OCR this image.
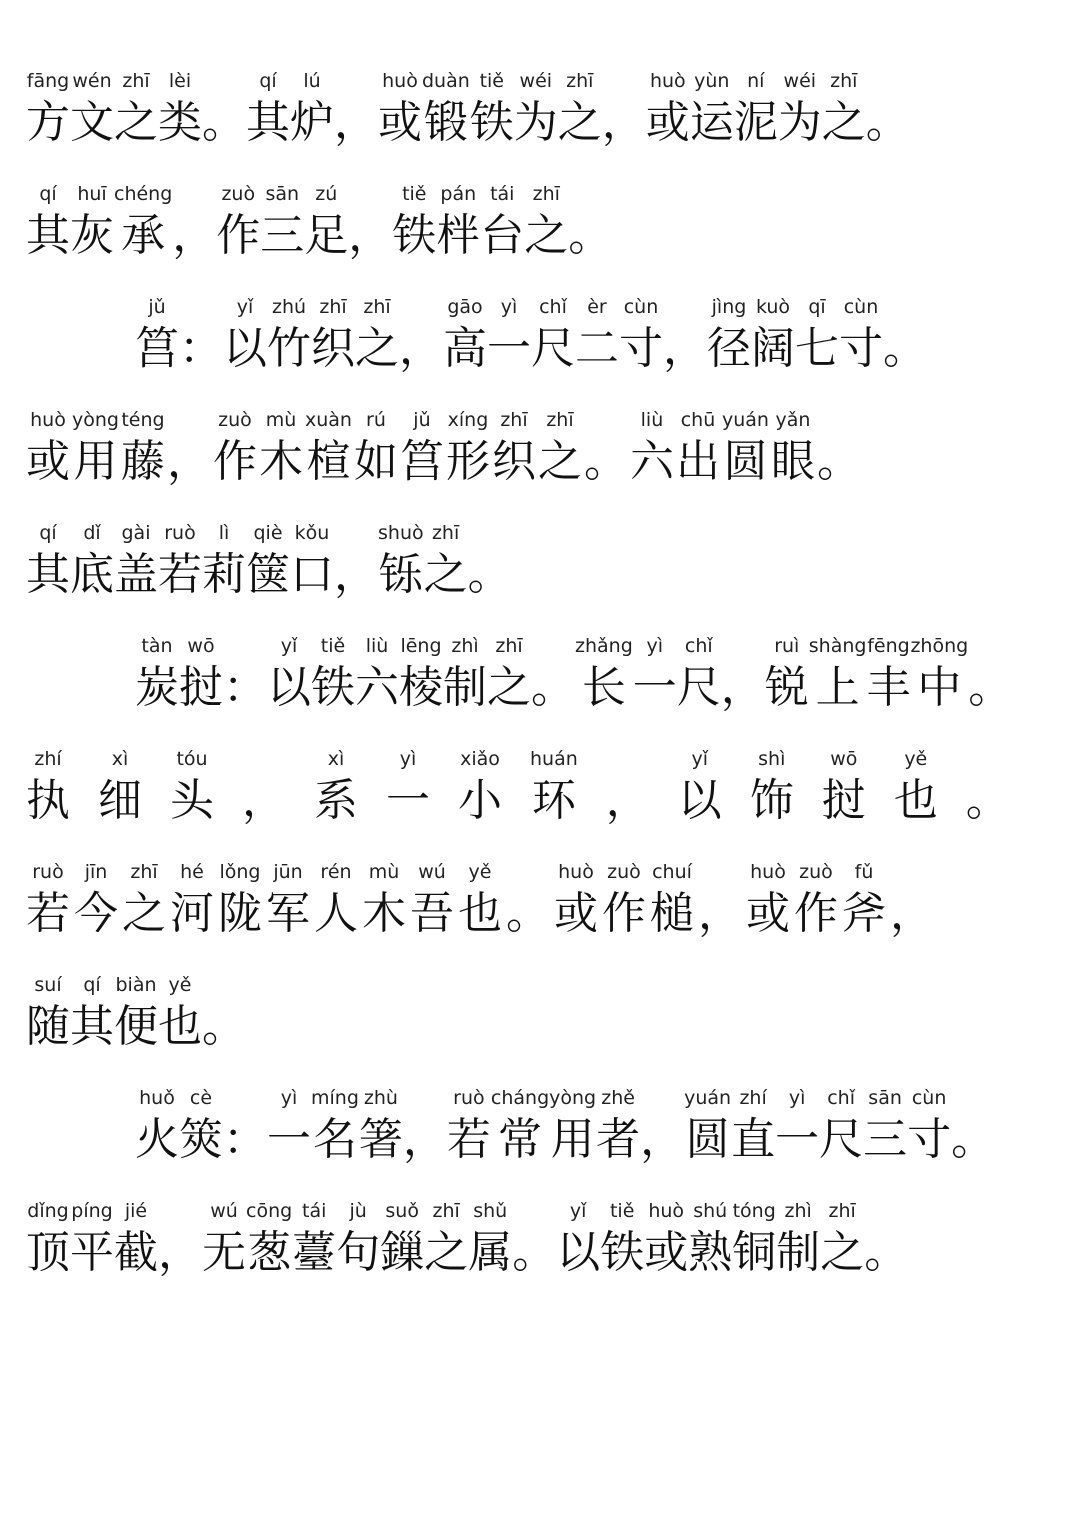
方fāng
文wén
之zhī
类lèi
。 其qí
炉lú
， 或huò
锻duàn
铁tiě
为wéi
之zhī
， 或huò
运yùn
泥ní
为wéi
之zhī
。
其qí
灰huī
承chéng
， 作zuò
三sān
足zú
， 铁tiě
柈pán
台tái
之zhī
。
筥jǔ
： 以yǐ
竹zhú
织zhī
之zhī
， 高gāo
一yì
尺chǐ
二èr
寸cùn
， 径jìng
阔kuò
七qī
寸cùn
。
或huò
用yòng
藤téng
， 作zuò
木mù
楦xuàn
如rú
筥jǔ
形xíng
织zhī
之zhī
。 六liù
出chū
圆yuán
眼yǎn
。
其qí
底dǐ
盖gài
若ruò
莉lì
箧qiè
口kǒu
， 铄shuò
之zhī
。
炭tàn
挝wō
： 以yǐ
铁tiě
六liù
棱lēng
制zhì
之zhī
。 长zhǎng
一yì
尺chǐ
， 锐ruì
上shàng
丰fēng
中zhōng
。
执zhí
细xì
头tóu
， 系xì
一yì
小xiǎo
环huán
， 以yǐ
饰shì
挝wō
也yě
。
若ruò
今jīn
之zhī
河hé
陇lǒng
军jūn
人rén
木mù
吾wú
也yě
。 或huò
作zuò
槌chuí
， 或huò
作zuò
斧fǔ
，
随suí
其qí
便biàn
也yě
。
火huǒ
筴cè
： 一yì
名míng
箸zhù
， 若ruò
常cháng
用yòng
者zhě
， 圆yuán
直zhí
一yì
尺chǐ
三sān
寸cùn
。
顶dǐng
平píng
截jié
， 无wú
葱cōng
薹tái
句jù
鏁suǒ
之zhī
属shǔ
。 以yǐ
铁tiě
或huò
熟shú
铜tóng
制zhì
之zhī
。
